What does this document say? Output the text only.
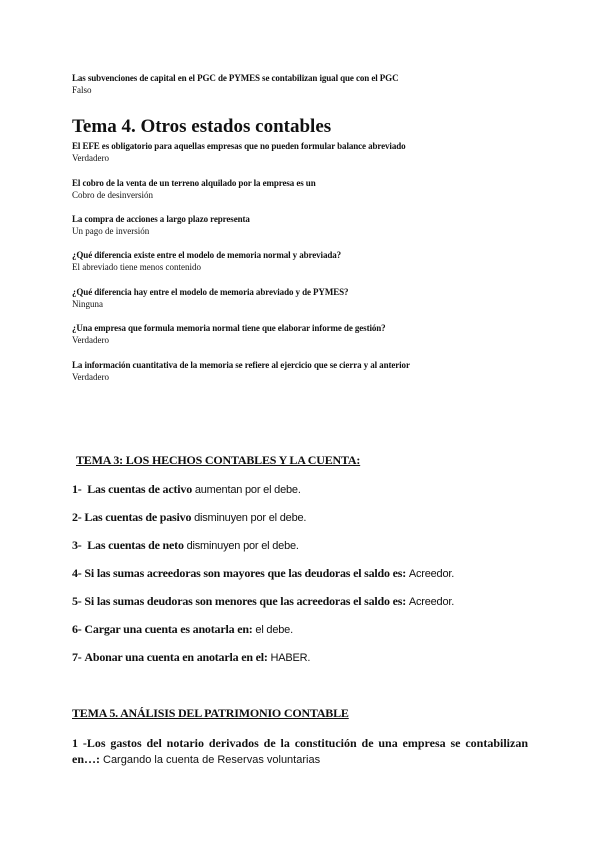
Las subvenciones de capital en el PGC de PYMES se contabilizan igual que con el PGC
Falso
Tema 4. Otros estados contables
El EFE es obligatorio para aquellas empresas que no pueden formular balance abreviado
Verdadero
El cobro de la venta de un terreno alquilado por la empresa es un
Cobro de desinversión
La compra de acciones a largo plazo representa
Un pago de inversión
¿Qué diferencia existe entre el modelo de memoria normal y abreviada?
El abreviado tiene menos contenido
¿Qué diferencia hay entre el modelo de memoria abreviado y de PYMES?
Ninguna
¿Una empresa que formula memoria normal tiene que elaborar informe de gestión?
Verdadero
La información cuantitativa de la memoria se refiere al ejercicio que se cierra y al anterior
Verdadero
TEMA 3: LOS HECHOS CONTABLES Y LA CUENTA:
1- Las cuentas de activo aumentan por el debe.
2- Las cuentas de pasivo disminuyen por el debe.
3- Las cuentas de neto disminuyen por el debe.
4- Si las sumas acreedoras son mayores que las deudoras el saldo es: Acreedor.
5- Si las sumas deudoras son menores que las acreedoras el saldo es: Acreedor.
6- Cargar una cuenta es anotarla en: el debe.
7- Abonar una cuenta en anotarla en el: HABER.
TEMA 5. ANÁLISIS DEL PATRIMONIO CONTABLE
1 -Los gastos del notario derivados de la constitución de una empresa se contabilizan
en…: Cargando la cuenta de Reservas voluntarias
